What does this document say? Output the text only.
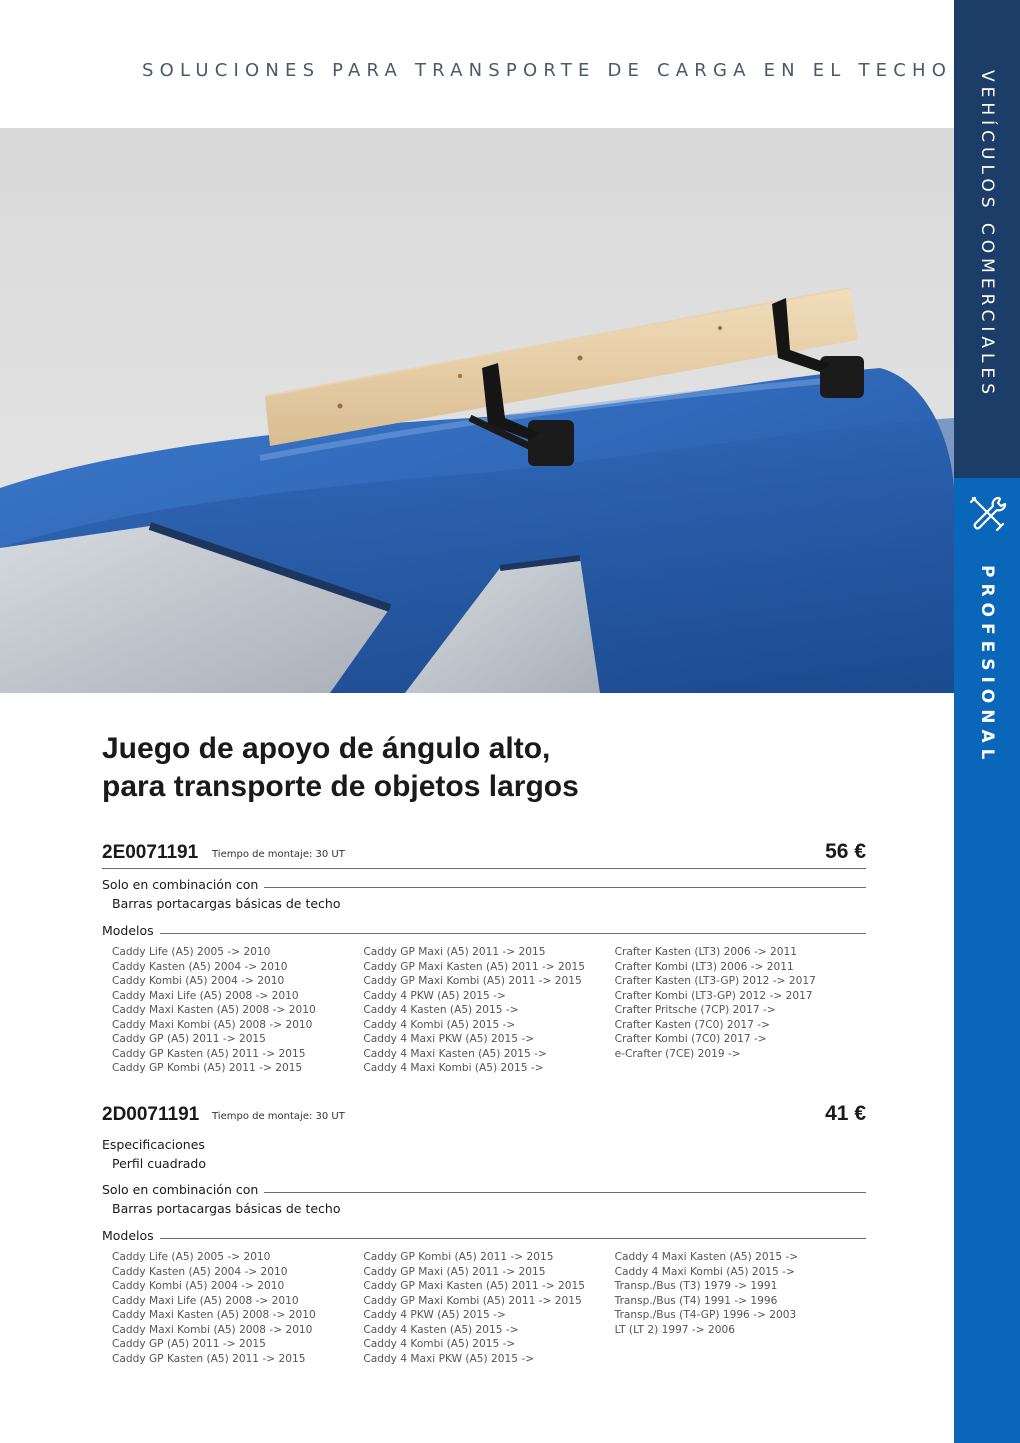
SOLUCIONES PARA TRANSPORTE DE CARGA EN EL TECHO	VEHÍCULOS COMERCIALES
PROFESIONAL
Juego de apoyo de ángulo alto,
para transporte de objetos largos
2E0071191 Tiempo de montaje: 30 UT	56 €
Solo en combinación con
Barras portacargas básicas de techo
Modelos
Caddy Life (A5) 2005 -> 2010
Caddy Kasten (A5) 2004 -> 2010
Caddy Kombi (A5) 2004 -> 2010
Caddy Maxi Life (A5) 2008 -> 2010
Caddy Maxi Kasten (A5) 2008 -> 2010
Caddy Maxi Kombi (A5) 2008 -> 2010
Caddy GP (A5) 2011 -> 2015
Caddy GP Kasten (A5) 2011 -> 2015
Caddy GP Kombi (A5) 2011 -> 2015
Caddy GP Maxi (A5) 2011 -> 2015
Caddy GP Maxi Kasten (A5) 2011 -> 2015
Caddy GP Maxi Kombi (A5) 2011 -> 2015
Caddy 4 PKW (A5) 2015 ->
Caddy 4 Kasten (A5) 2015 ->
Caddy 4 Kombi (A5) 2015 ->
Caddy 4 Maxi PKW (A5) 2015 ->
Caddy 4 Maxi Kasten (A5) 2015 ->
Caddy 4 Maxi Kombi (A5) 2015 ->
Crafter Kasten (LT3) 2006 -> 2011
Crafter Kombi (LT3) 2006 -> 2011
Crafter Kasten (LT3-GP) 2012 -> 2017
Crafter Kombi (LT3-GP) 2012 -> 2017
Crafter Pritsche (7CP) 2017 ->
Crafter Kasten (7C0) 2017 ->
Crafter Kombi (7C0) 2017 ->
e-Crafter (7CE) 2019 ->
2D0071191 Tiempo de montaje: 30 UT	41 €
Especificaciones
Perfil cuadrado
Solo en combinación con
Barras portacargas básicas de techo
Modelos
Caddy Life (A5) 2005 -> 2010
Caddy Kasten (A5) 2004 -> 2010
Caddy Kombi (A5) 2004 -> 2010
Caddy Maxi Life (A5) 2008 -> 2010
Caddy Maxi Kasten (A5) 2008 -> 2010
Caddy Maxi Kombi (A5) 2008 -> 2010
Caddy GP (A5) 2011 -> 2015
Caddy GP Kasten (A5) 2011 -> 2015
Caddy GP Kombi (A5) 2011 -> 2015
Caddy GP Maxi (A5) 2011 -> 2015
Caddy GP Maxi Kasten (A5) 2011 -> 2015
Caddy GP Maxi Kombi (A5) 2011 -> 2015
Caddy 4 PKW (A5) 2015 ->
Caddy 4 Kasten (A5) 2015 ->
Caddy 4 Kombi (A5) 2015 ->
Caddy 4 Maxi PKW (A5) 2015 ->
Caddy 4 Maxi Kasten (A5) 2015 ->
Caddy 4 Maxi Kombi (A5) 2015 ->
Transp./Bus (T3) 1979 -> 1991
Transp./Bus (T4) 1991 -> 1996
Transp./Bus (T4-GP) 1996 -> 2003
LT (LT 2) 1997 -> 2006
